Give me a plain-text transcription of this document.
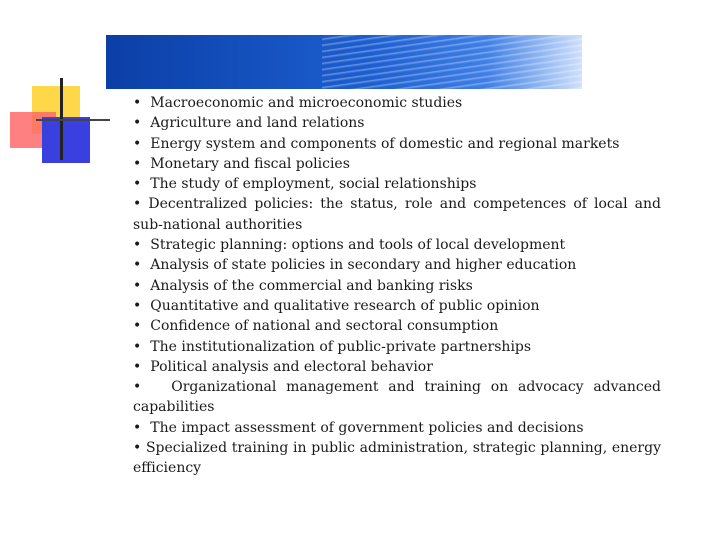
• Macroeconomic and microeconomic studies
• Agriculture and land relations
• Energy system and components of domestic and regional markets
• Monetary and fiscal policies
• The study of employment, social relationships
• Decentralized policies: the status, role and competences of local and sub-national authorities
• Strategic planning: options and tools of local development
• Analysis of state policies in secondary and higher education
• Analysis of the commercial and banking risks
• Quantitative and qualitative research of public opinion
• Confidence of national and sectoral consumption
• The institutionalization of public-private partnerships
• Political analysis and electoral behavior
• Organizational management and training on advocacy advanced capabilities
• The impact assessment of government policies and decisions
• Specialized training in public administration, strategic planning, energy efficiency
